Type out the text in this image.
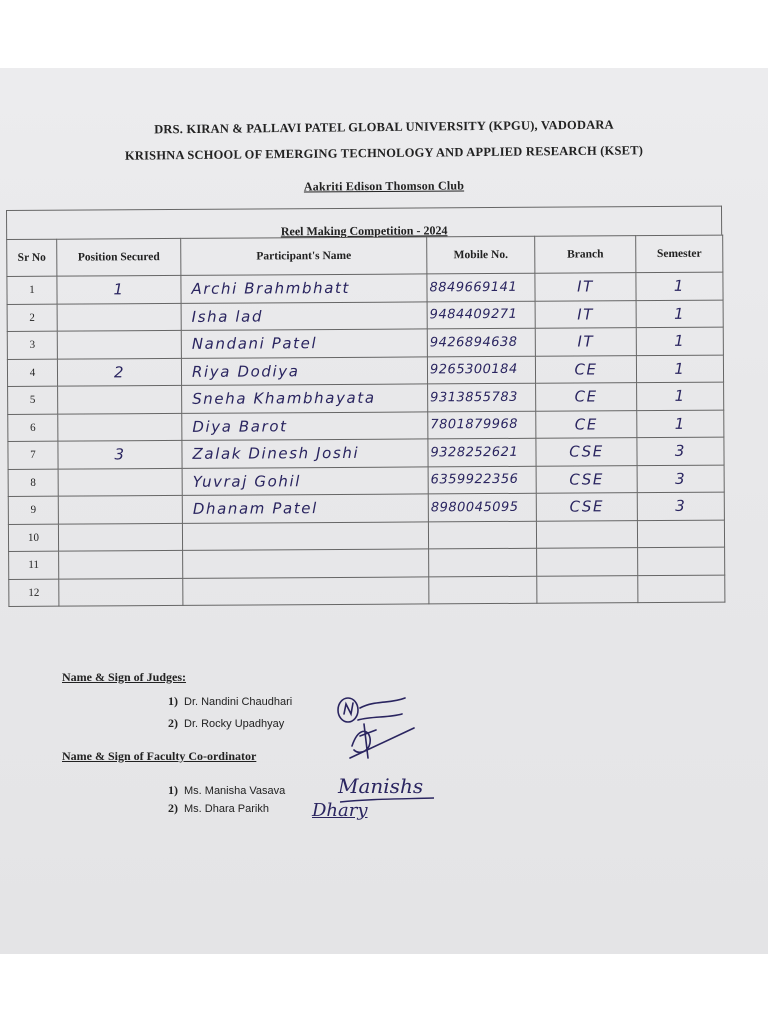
DRS. KIRAN & PALLAVI PATEL GLOBAL UNIVERSITY (KPGU), VADODARA
KRISHNA SCHOOL OF EMERGING TECHNOLOGY AND APPLIED RESEARCH (KSET)
Aakriti Edison Thomson Club
Reel Making Competition - 2024
Sr No	Position Secured	Participant's Name	Mobile No.	Branch	Semester
1	1	Archi Brahmbhatt	8849669141	IT	1
2		Isha lad	9484409271	IT	1
3		Nandani Patel	9426894638	IT	1
4	2	Riya Dodiya	9265300184	CE	1
5		Sneha Khambhayata	9313855783	CE	1
6		Diya Barot	7801879968	CE	1
7	3	Zalak Dinesh Joshi	9328252621	CSE	3
8		Yuvraj Gohil	6359922356	CSE	3
9		Dhanam Patel	8980045095	CSE	3
10					
11					
12					
Name & Sign of Judges:
1) Dr. Nandini Chaudhari
2) Dr. Rocky Upadhyay
Name & Sign of Faculty Co-ordinator
1) Ms. Manisha Vasava
2) Ms. Dhara Parikh
Manishs
Dhary
